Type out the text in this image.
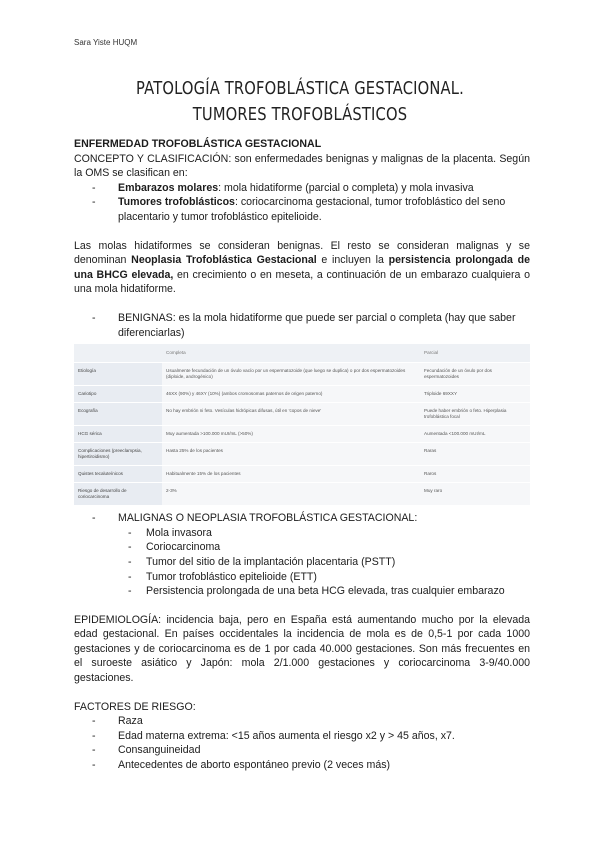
Sara Yiste HUQM
PATOLOGÍA TROFOBLÁSTICA GESTACIONAL. TUMORES TROFOBLÁSTICOS

ENFERMEDAD TROFOBLÁSTICA GESTACIONAL

CONCEPTO Y CLASIFICACIÓN: son enfermedades benignas y malignas de la placenta. Según la OMS se clasifican en:

- Embarazos molares: mola hidatiforme (parcial o completa) y mola invasiva
- Tumores trofoblásticos: coriocarcinoma gestacional, tumor trofoblástico del seno placentario y tumor trofoblástico epitelioide.

Las molas hidatiformes se consideran benignas. El resto se consideran malignas y se denominan Neoplasia Trofoblástica Gestacional e incluyen la persistencia prolongada de una BHCG elevada, en crecimiento o en meseta, a continuación de un embarazo cualquiera o una mola hidatiforme.

- BENIGNAS: es la mola hidatiforme que puede ser parcial o completa (hay que saber diferenciarlas)
	Completa	Parcial
Etiología	Usualmente fecundación de un óvulo vacío por un espermatozoide (que luego se duplica) o por dos espermatozoides (diploide, androgénico)	Fecundación de un óvulo por dos espermatozoides
Cariotipo	46XX (90%) y 46XY (10%) (ambos cromosomas paternos de origen paterno)	Triploide 69XXY
Ecografía	No hay embrión ni feto. Vesículas hidrópicas difusas, útil en 'copos de nieve'	Puede haber embrión o feto. Hiperplasia trofoblástica focal
HCG sérica	Muy aumentada >100.000 mUI/mL (>50%)	Aumentada <100.000 mUI/mL
Complicaciones (preeclampsia, hipertiroidismo)	Hasta 25% de los pacientes	Raras
Quistes tecaluteínicos	Habitualmente 15% de los pacientes	Raros
Riesgo de desarrollo de coriocarcinoma	2-3%	Muy raro
- MALIGNAS O NEOPLASIA TROFOBLÁSTICA GESTACIONAL:
- Mola invasora
- Coriocarcinoma
- Tumor del sitio de la implantación placentaria (PSTT)
- Tumor trofoblástico epitelioide (ETT)
- Persistencia prolongada de una beta HCG elevada, tras cualquier embarazo

EPIDEMIOLOGÍA: incidencia baja, pero en España está aumentando mucho por la elevada edad gestacional. En países occidentales la incidencia de mola es de 0,5-1 por cada 1000 gestaciones y de coriocarcinoma es de 1 por cada 40.000 gestaciones. Son más frecuentes en el suroeste asiático y Japón: mola 2/1.000 gestaciones y coriocarcinoma 3-9/40.000 gestaciones.

FACTORES DE RIESGO:

- Raza
- Edad materna extrema: <15 años aumenta el riesgo x2 y > 45 años, x7.
- Consanguineidad
- Antecedentes de aborto espontáneo previo (2 veces más)
